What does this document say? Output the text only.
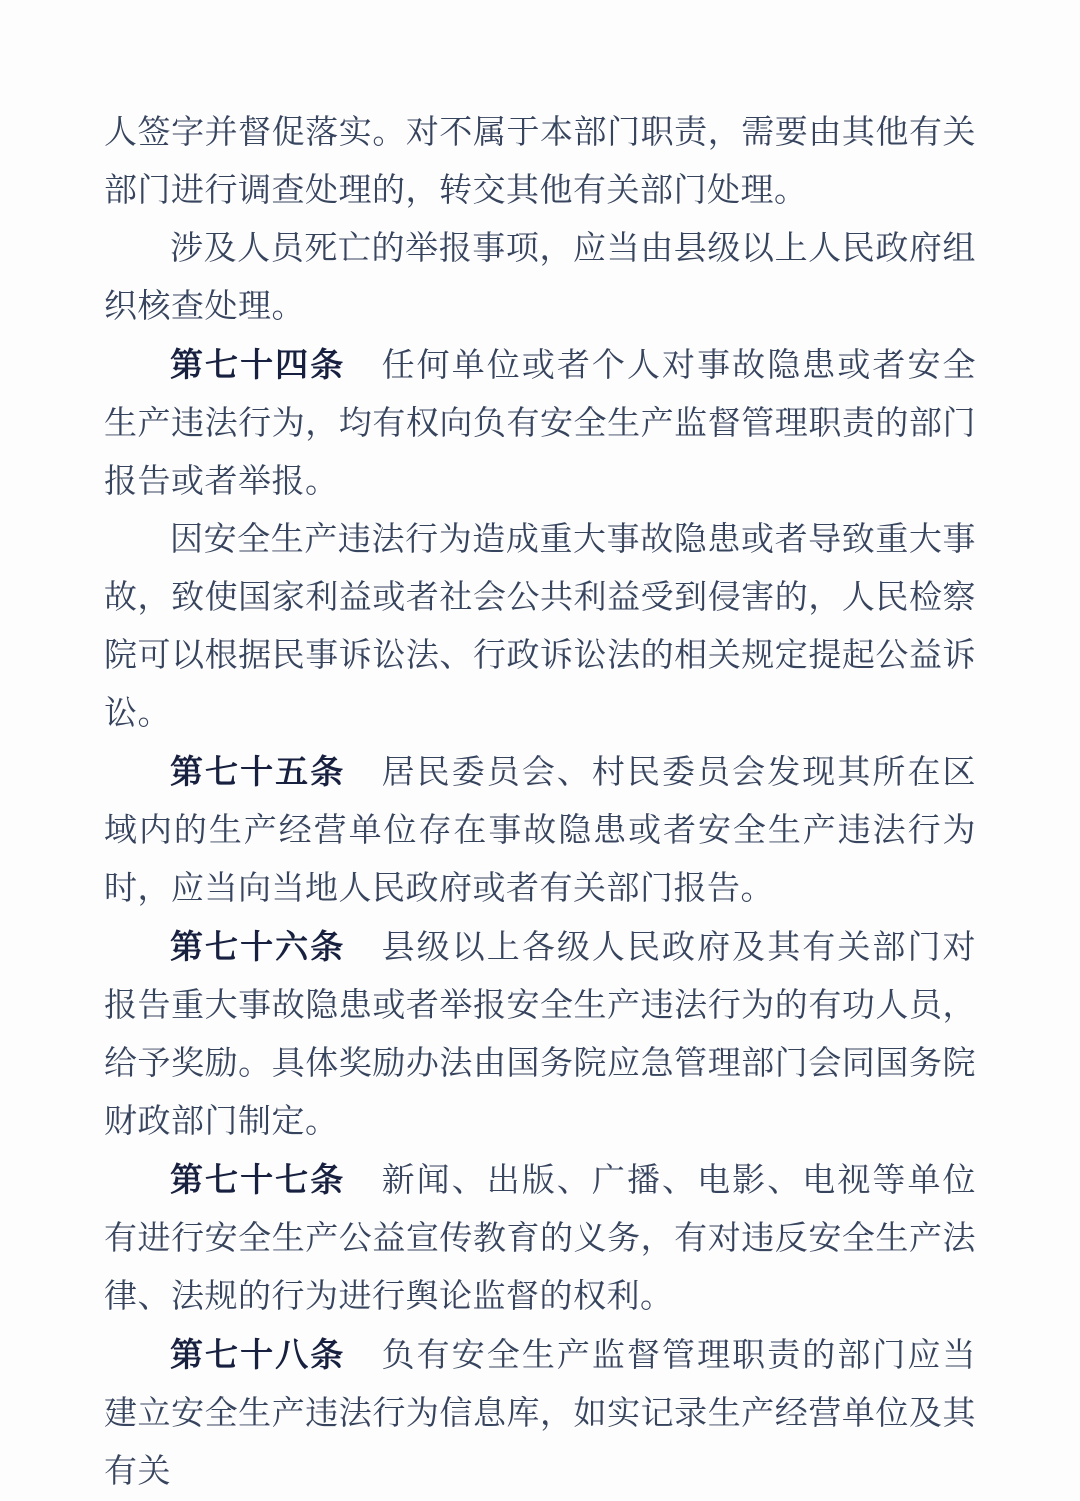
人签字并督促落实。对不属于本部门职责，需要由其他有关部门进行调查处理的，转交其他有关部门处理。

涉及人员死亡的举报事项，应当由县级以上人民政府组织核查处理。

第七十四条 任何单位或者个人对事故隐患或者安全生产违法行为，均有权向负有安全生产监督管理职责的部门报告或者举报。

因安全生产违法行为造成重大事故隐患或者导致重大事故，致使国家利益或者社会公共利益受到侵害的，人民检察院可以根据民事诉讼法、行政诉讼法的相关规定提起公益诉讼。

第七十五条 居民委员会、村民委员会发现其所在区域内的生产经营单位存在事故隐患或者安全生产违法行为时，应当向当地人民政府或者有关部门报告。

第七十六条 县级以上各级人民政府及其有关部门对报告重大事故隐患或者举报安全生产违法行为的有功人员，给予奖励。具体奖励办法由国务院应急管理部门会同国务院财政部门制定。

第七十七条 新闻、出版、广播、电影、电视等单位有进行安全生产公益宣传教育的义务，有对违反安全生产法律、法规的行为进行舆论监督的权利。

第七十八条 负有安全生产监督管理职责的部门应当建立安全生产违法行为信息库，如实记录生产经营单位及其有关
